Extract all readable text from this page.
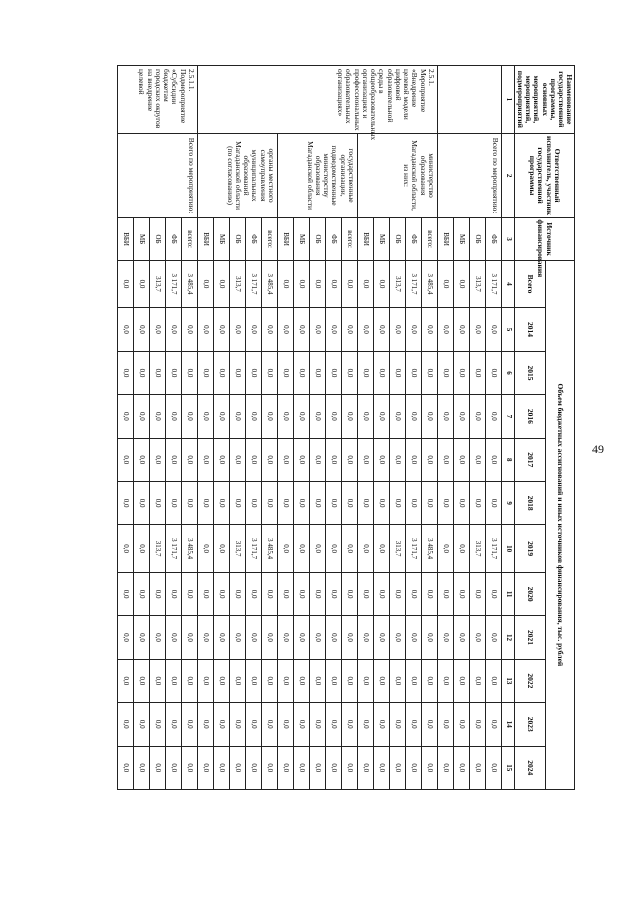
49
Наименование государственной программы, основных мероприятий, мероприятий, подмероприятий	Ответственный исполнитель, участник государственной программы	Источник финансирования	Объем бюджетных ассигнований и иных источников финансирования, тыс. рублей											
			Всего	2014	2015	2016	2017	2018	2019	2020	2021	2022	2023	2024
1	2	3	4	5	6	7	8	9	10	11	12	13	14	15
	Всего по мероприятию:	ФБ	3 171,7	0,0	0,0	0,0	0,0	0,0	3 171,7	0,0	0,0	0,0	0,0	0,0
		ОБ	313,7	0,0	0,0	0,0	0,0	0,0	313,7	0,0	0,0	0,0	0,0	0,0
		МБ	0,0	0,0	0,0	0,0	0,0	0,0	0,0	0,0	0,0	0,0	0,0	0,0
		ВБИ	0,0	0,0	0,0	0,0	0,0	0,0	0,0	0,0	0,0	0,0	0,0	0,0
2.5.1. Мероприятие «Внедрение целевой модели цифровой образовательной среды в общеобразовательных организациях и профессиональных образовательных организациях»	министерство образования Магаданской области, из них:	всего:	3 485,4	0,0	0,0	0,0	0,0	0,0	3 485,4	0,0	0,0	0,0	0,0	0,0
		ФБ	3 171,7	0,0	0,0	0,0	0,0	0,0	3 171,7	0,0	0,0	0,0	0,0	0,0
		ОБ	313,7	0,0	0,0	0,0	0,0	0,0	313,7	0,0	0,0	0,0	0,0	0,0
		МБ	0,0	0,0	0,0	0,0	0,0	0,0	0,0	0,0	0,0	0,0	0,0	0,0
		ВБИ	0,0	0,0	0,0	0,0	0,0	0,0	0,0	0,0	0,0	0,0	0,0	0,0
	государственные организации, подведомственные министерству образования Магаданской области	всего:	0,0	0,0	0,0	0,0	0,0	0,0	0,0	0,0	0,0	0,0	0,0	0,0
		ФБ	0,0	0,0	0,0	0,0	0,0	0,0	0,0	0,0	0,0	0,0	0,0	0,0
		ОБ	0,0	0,0	0,0	0,0	0,0	0,0	0,0	0,0	0,0	0,0	0,0	0,0
		МБ	0,0	0,0	0,0	0,0	0,0	0,0	0,0	0,0	0,0	0,0	0,0	0,0
		ВБИ	0,0	0,0	0,0	0,0	0,0	0,0	0,0	0,0	0,0	0,0	0,0	0,0
	органы местного самоуправления муниципальных образований Магаданской области (по согласованию)	всего:	3 485,4	0,0	0,0	0,0	0,0	0,0	3 485,4	0,0	0,0	0,0	0,0	0,0
		ФБ	3 171,7	0,0	0,0	0,0	0,0	0,0	3 171,7	0,0	0,0	0,0	0,0	0,0
		ОБ	313,7	0,0	0,0	0,0	0,0	0,0	313,7	0,0	0,0	0,0	0,0	0,0
		МБ	0,0	0,0	0,0	0,0	0,0	0,0	0,0	0,0	0,0	0,0	0,0	0,0
		ВБИ	0,0	0,0	0,0	0,0	0,0	0,0	0,0	0,0	0,0	0,0	0,0	0,0
2.5.1.1. Подмероприятие «Субсидии бюджетам городских округов на внедрение целевой	Всего по мероприятию:	всего:	3 485,4	0,0	0,0	0,0	0,0	0,0	3 485,4	0,0	0,0	0,0	0,0	0,0
		ФБ	3 171,7	0,0	0,0	0,0	0,0	0,0	3 171,7	0,0	0,0	0,0	0,0	0,0
		ОБ	313,7	0,0	0,0	0,0	0,0	0,0	313,7	0,0	0,0	0,0	0,0	0,0
		МБ	0,0	0,0	0,0	0,0	0,0	0,0	0,0	0,0	0,0	0,0	0,0	0,0
		ВБИ	0,0	0,0	0,0	0,0	0,0	0,0	0,0	0,0	0,0	0,0	0,0	0,0
